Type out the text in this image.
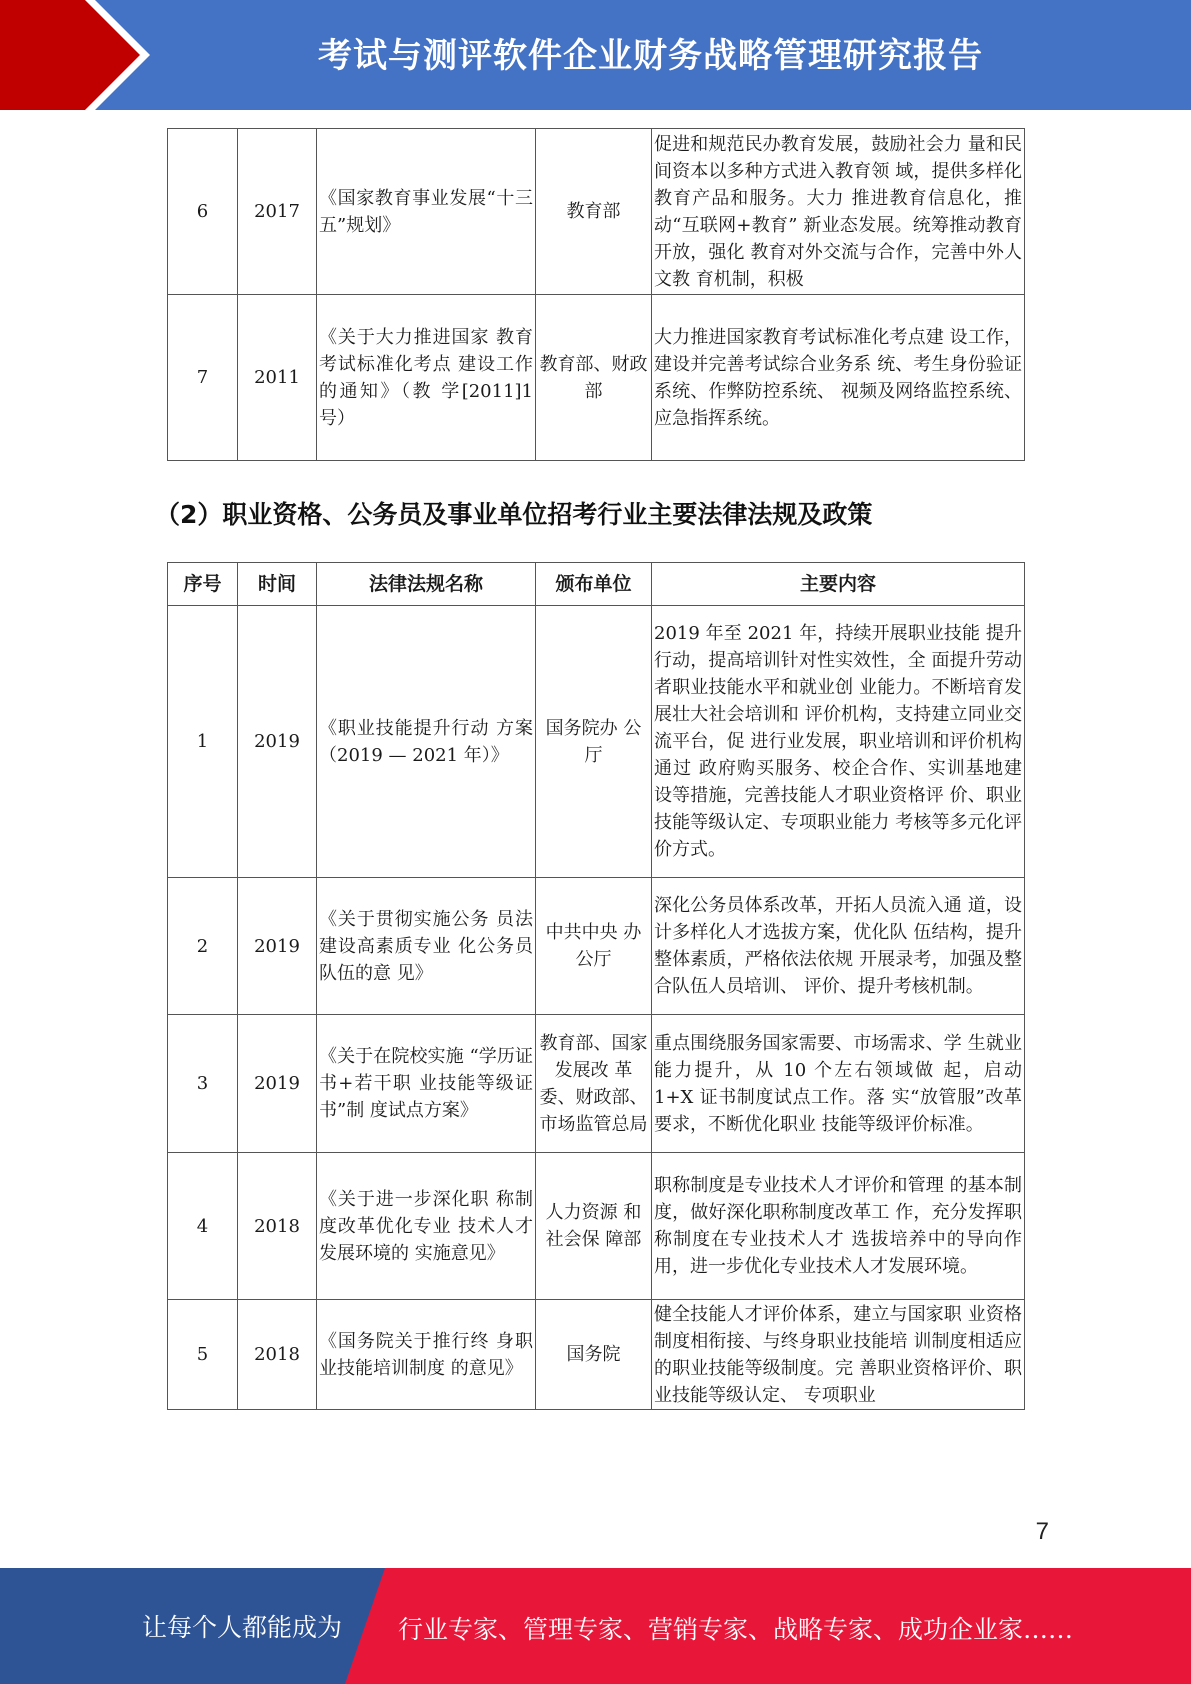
考试与测评软件企业财务战略管理研究报告
6	2017	《国家教育事业发展“十三五”规划》	教育部	促进和规范民办教育发展，鼓励社会力 量和民间资本以多种方式进入教育领 域，提供多样化教育产品和服务。大力 推进教育信息化，推动“互联网+教育” 新业态发展。统筹推动教育开放，强化 教育对外交流与合作，完善中外人文教 育机制，积极
7	2011	《关于大力推进国家 教育考试标准化考点 建设工作的通知》（教 学[2011]1 号）	教育部、财政部	大力推进国家教育考试标准化考点建 设工作，建设并完善考试综合业务系 统、考生身份验证系统、作弊防控系统、 视频及网络监控系统、应急指挥系统。
（2）职业资格、公务员及事业单位招考行业主要法律法规及政策
序号	时间	法律法规名称	颁布单位	主要内容
1	2019	《职业技能提升行动 方案（2019 — 2021 年）》	国务院办 公厅	2019 年至 2021 年，持续开展职业技能 提升行动，提高培训针对性实效性，全 面提升劳动者职业技能水平和就业创 业能力。不断培育发展壮大社会培训和 评价机构，支持建立同业交流平台，促 进行业发展，职业培训和评价机构通过 政府购买服务、校企合作、实训基地建 设等措施，完善技能人才职业资格评 价、职业技能等级认定、专项职业能力 考核等多元化评价方式。
2	2019	《关于贯彻实施公务 员法建设高素质专业 化公务员队伍的意 见》	中共中央 办公厅	深化公务员体系改革，开拓人员流入通 道，设计多样化人才选拔方案，优化队 伍结构，提升整体素质，严格依法依规 开展录考，加强及整合队伍人员培训、 评价、提升考核机制。
3	2019	《关于在院校实施 “学历证书+若干职 业技能等级证书”制 度试点方案》	教育部、国家发展改 革委、财政部、市场监管总局	重点围绕服务国家需要、市场需求、学 生就业能力提升，从 10 个左右领域做 起，启动 1+X 证书制度试点工作。落 实“放管服”改革要求，不断优化职业 技能等级评价标准。
4	2018	《关于进一步深化职 称制度改革优化专业 技术人才发展环境的 实施意见》	人力资源 和社会保 障部	职称制度是专业技术人才评价和管理 的基本制度，做好深化职称制度改革工 作，充分发挥职称制度在专业技术人才 选拔培养中的导向作用，进一步优化专业技术人才发展环境。
5	2018	《国务院关于推行终 身职业技能培训制度 的意见》	国务院	健全技能人才评价体系，建立与国家职 业资格制度相衔接、与终身职业技能培 训制度相适应的职业技能等级制度。完 善职业资格评价、职业技能等级认定、 专项职业
7
让每个人都能成为 行业专家、管理专家、营销专家、战略专家、成功企业家……
